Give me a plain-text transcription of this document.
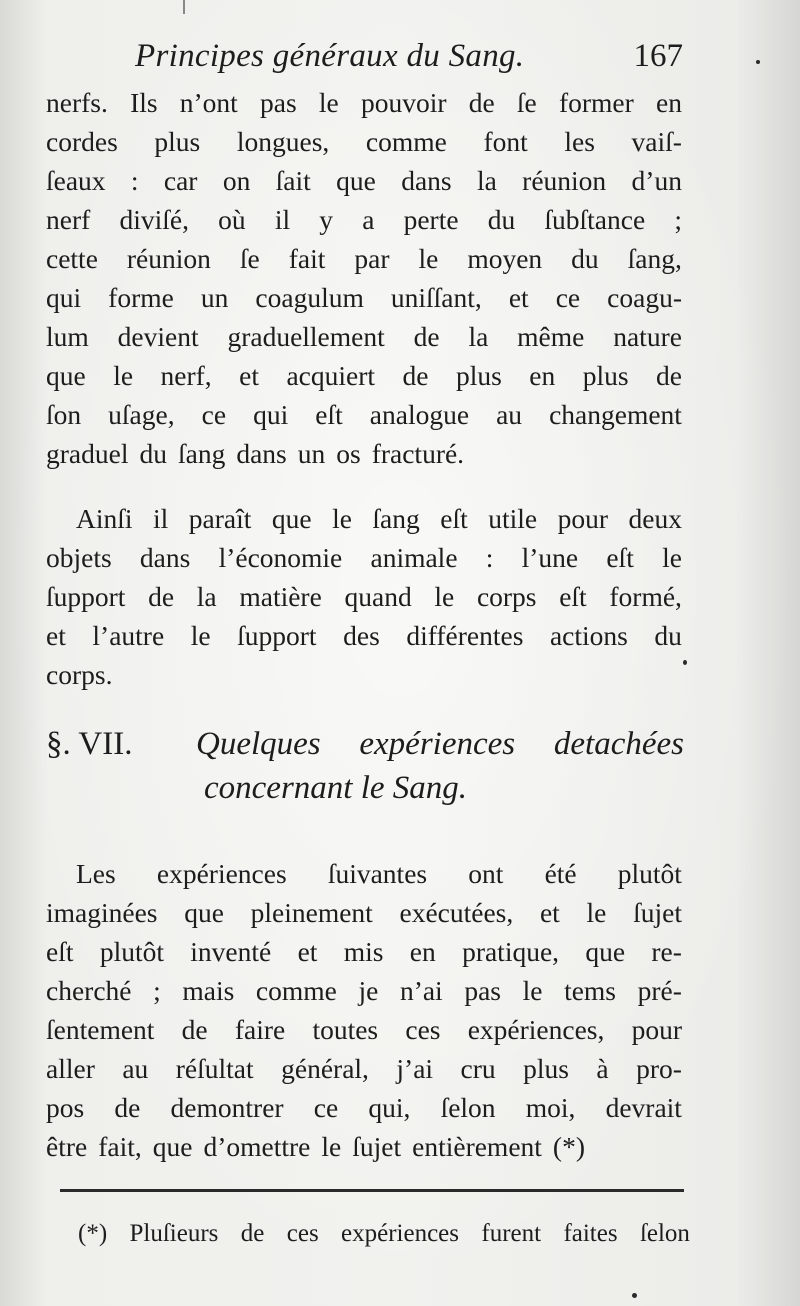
Principes généraux du Sang.	167
nerfs. Ils n’ont pas le pouvoir de ſe former en
cordes plus longues, comme font les vaiſ-
ſeaux : car on ſait que dans la réunion d’un
nerf diviſé, où il y a perte du ſubſtance ;
cette réunion ſe fait par le moyen du ſang,
qui forme un coagulum uniſſant, et ce coagu-
lum devient graduellement de la même nature
que le nerf, et acquiert de plus en plus de
ſon uſage, ce qui eſt analogue au changement
graduel du ſang dans un os fracturé.
Ainſi il paraît que le ſang eſt utile pour deux
objets dans l’économie animale : l’une eſt le
ſupport de la matière quand le corps eſt formé,
et l’autre le ſupport des différentes actions du
corps.
§. VII. Quelques expériences detachées
concernant le Sang.
Les expériences ſuivantes ont été plutôt
imaginées que pleinement exécutées, et le ſujet
eſt plutôt inventé et mis en pratique, que re-
cherché ; mais comme je n’ai pas le tems pré-
ſentement de faire toutes ces expériences, pour
aller au réſultat général, j’ai cru plus à pro-
pos de demontrer ce qui, ſelon moi, devrait
être fait, que d’omettre le ſujet entièrement (*)
(*) Pluſieurs de ces expériences furent faites ſelon
